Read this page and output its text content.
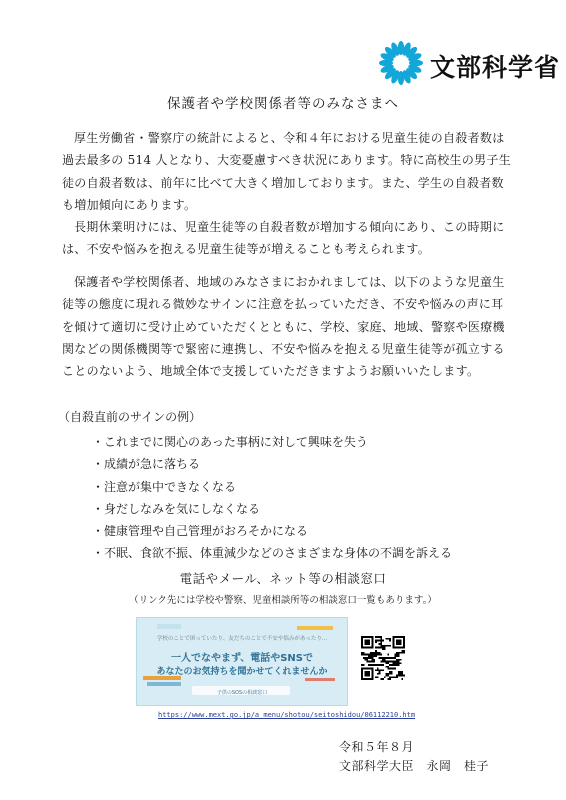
文部科学省
保護者や学校関係者等のみなさまへ

厚生労働省・警察庁の統計によると、令和４年における児童生徒の自殺者数は過去最多の 514 人となり、大変憂慮すべき状況にあります。特に高校生の男子生徒の自殺者数は、前年に比べて大きく増加しております。また、学生の自殺者数も増加傾向にあります。

長期休業明けには、児童生徒等の自殺者数が増加する傾向にあり、この時期には、不安や悩みを抱える児童生徒等が増えることも考えられます。

保護者や学校関係者、地域のみなさまにおかれましては、以下のような児童生徒等の態度に現れる微妙なサインに注意を払っていただき、不安や悩みの声に耳を傾けて適切に受け止めていただくとともに、学校、家庭、地域、警察や医療機関などの関係機関等で緊密に連携し、不安や悩みを抱える児童生徒等が孤立することのないよう、地域全体で支援していただきますようお願いいたします。

（自殺直前のサインの例）
・ これまでに関心のあった事柄に対して興味を失う
・ 成績が急に落ちる
・ 注意が集中できなくなる
・ 身だしなみを気にしなくなる
・ 健康管理や自己管理がおろそかになる
・ 不眠、食欲不振、体重減少などのさまざまな身体の不調を訴える
電話やメール、ネット等の相談窓口
（リンク先には学校や警察、児童相談所等の相談窓口一覧もあります。）
学校のことで困っていたり、友だちのことで不安や悩みがあったり...
一人でなやまず、電話やSNSで
あなたのお気持ちを聞かせてくれませんか
子供のSOSの相談窓口
https://www.mext.go.jp/a_menu/shotou/seitoshidou/06112210.htm
令和５年８月
文部科学大臣　永岡　桂子
